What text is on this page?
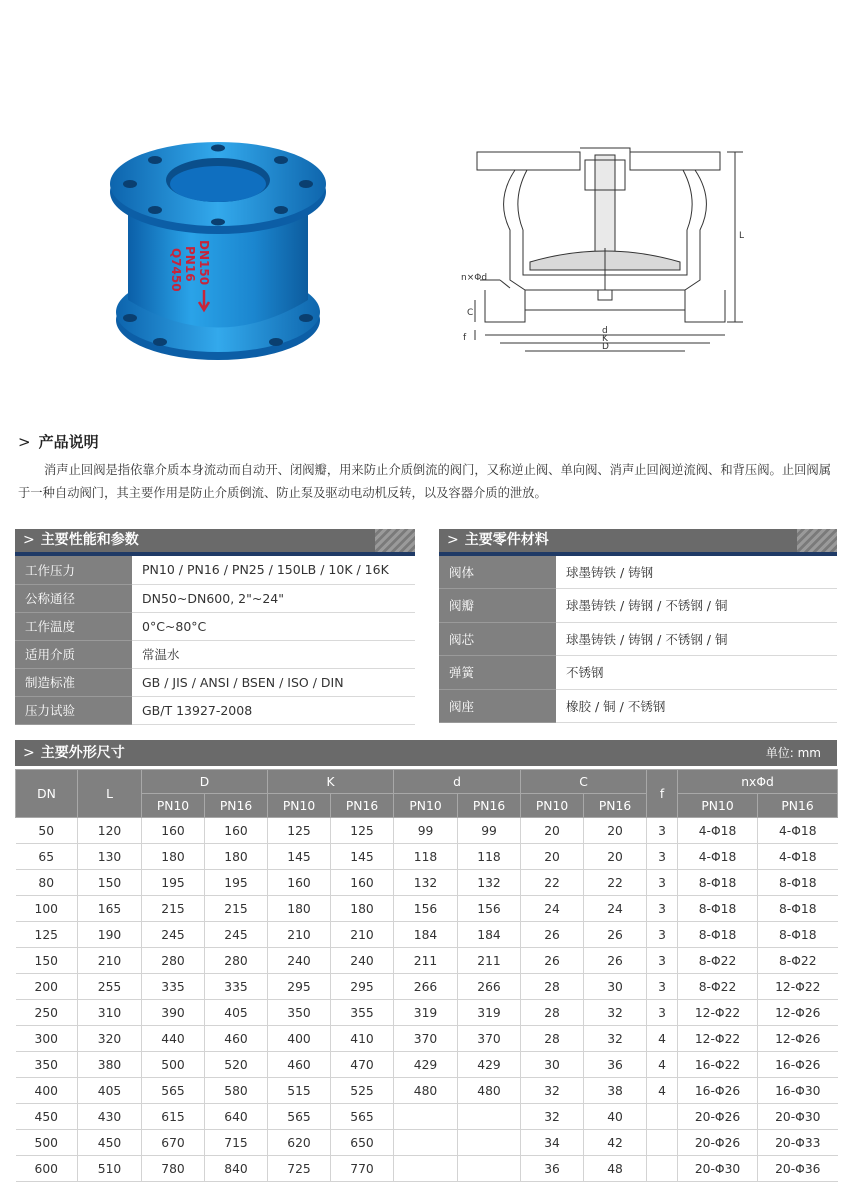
DN150
PN16
Q7450	n×Φd
C
f
d
K
D
L
> 产品说明

消声止回阀是指依靠介质本身流动而自动开、闭阀瓣，用来防止介质倒流的阀门，又称逆止阀、单向阀、消声止回阀逆流阀、和背压阀。止回阀属于一种自动阀门，其主要作用是防止介质倒流、防止泵及驱动电动机反转，以及容器介质的泄放。

> 主要性能和参数
工作压力	PN10 / PN16 / PN25 / 150LB / 10K / 16K
公称通径	DN50~DN600, 2"~24"
工作温度	0°C~80°C
适用介质	常温水
制造标准	GB / JIS / ANSI / BSEN / ISO / DIN
压力试验	GB/T 13927-2008
> 主要零件材料
阀体	球墨铸铁 / 铸钢
阀瓣	球墨铸铁 / 铸钢 / 不锈钢 / 铜
阀芯	球墨铸铁 / 铸钢 / 不锈钢 / 铜
弹簧	不锈钢
阀座	橡胶 / 铜 / 不锈钢
> 主要外形尺寸	单位: mm
DN	L	D		K		d		C		f	nxΦd	
		PN10	PN16	PN10	PN16	PN10	PN16	PN10	PN16		PN10	PN16
50	120	160	160	125	125	99	99	20	20	3	4-Φ18	4-Φ18
65	130	180	180	145	145	118	118	20	20	3	4-Φ18	4-Φ18
80	150	195	195	160	160	132	132	22	22	3	8-Φ18	8-Φ18
100	165	215	215	180	180	156	156	24	24	3	8-Φ18	8-Φ18
125	190	245	245	210	210	184	184	26	26	3	8-Φ18	8-Φ18
150	210	280	280	240	240	211	211	26	26	3	8-Φ22	8-Φ22
200	255	335	335	295	295	266	266	28	30	3	8-Φ22	12-Φ22
250	310	390	405	350	355	319	319	28	32	3	12-Φ22	12-Φ26
300	320	440	460	400	410	370	370	28	32	4	12-Φ22	12-Φ26
350	380	500	520	460	470	429	429	30	36	4	16-Φ22	16-Φ26
400	405	565	580	515	525	480	480	32	38	4	16-Φ26	16-Φ30
450	430	615	640	565	565			32	40		20-Φ26	20-Φ30
500	450	670	715	620	650			34	42		20-Φ26	20-Φ33
600	510	780	840	725	770			36	48		20-Φ30	20-Φ36
